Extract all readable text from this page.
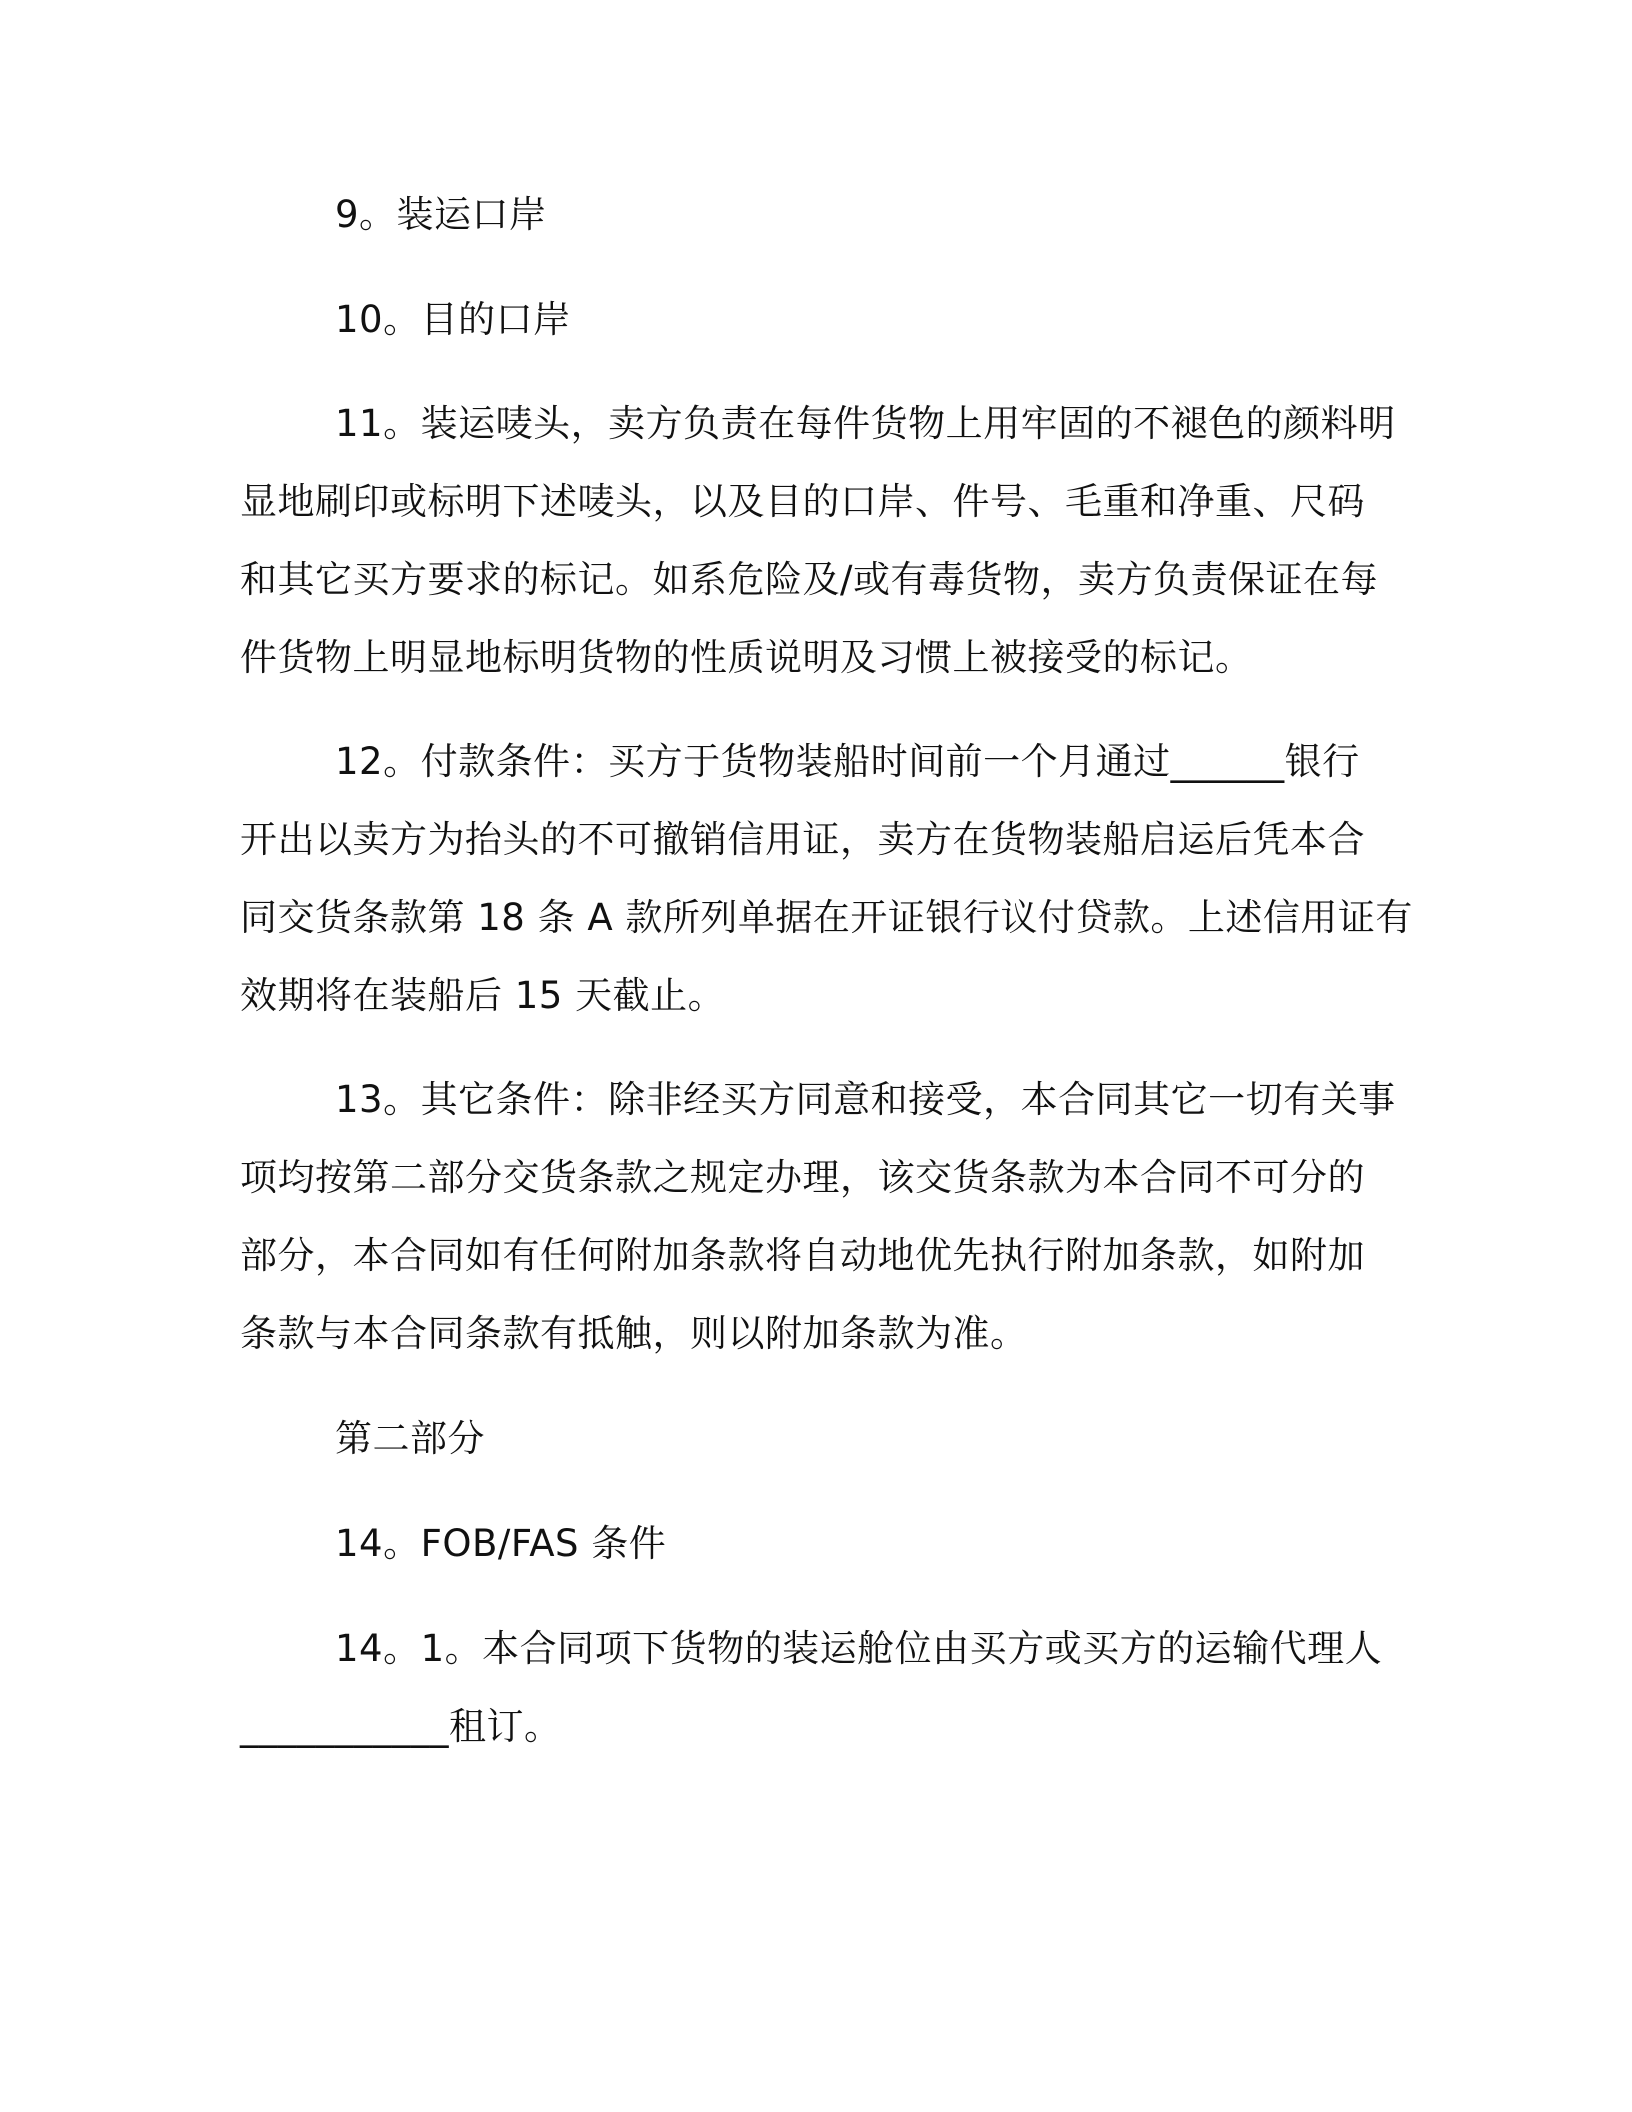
9。装运口岸

10。目的口岸

11。装运唛头，卖方负责在每件货物上用牢固的不褪色的颜料明
显地刷印或标明下述唛头，以及目的口岸、件号、毛重和净重、尺码
和其它买方要求的标记。如系危险及/或有毒货物，卖方负责保证在每
件货物上明显地标明货物的性质说明及习惯上被接受的标记。

12。付款条件：买方于货物装船时间前一个月通过______银行
开出以卖方为抬头的不可撤销信用证，卖方在货物装船启运后凭本合
同交货条款第 18 条 A 款所列单据在开证银行议付贷款。上述信用证有
效期将在装船后 15 天截止。

13。其它条件：除非经买方同意和接受，本合同其它一切有关事
项均按第二部分交货条款之规定办理，该交货条款为本合同不可分的
部分，本合同如有任何附加条款将自动地优先执行附加条款，如附加
条款与本合同条款有抵触，则以附加条款为准。

第二部分

14。FOB/FAS 条件

14。1。本合同项下货物的装运舱位由买方或买方的运输代理人
___________租订。
